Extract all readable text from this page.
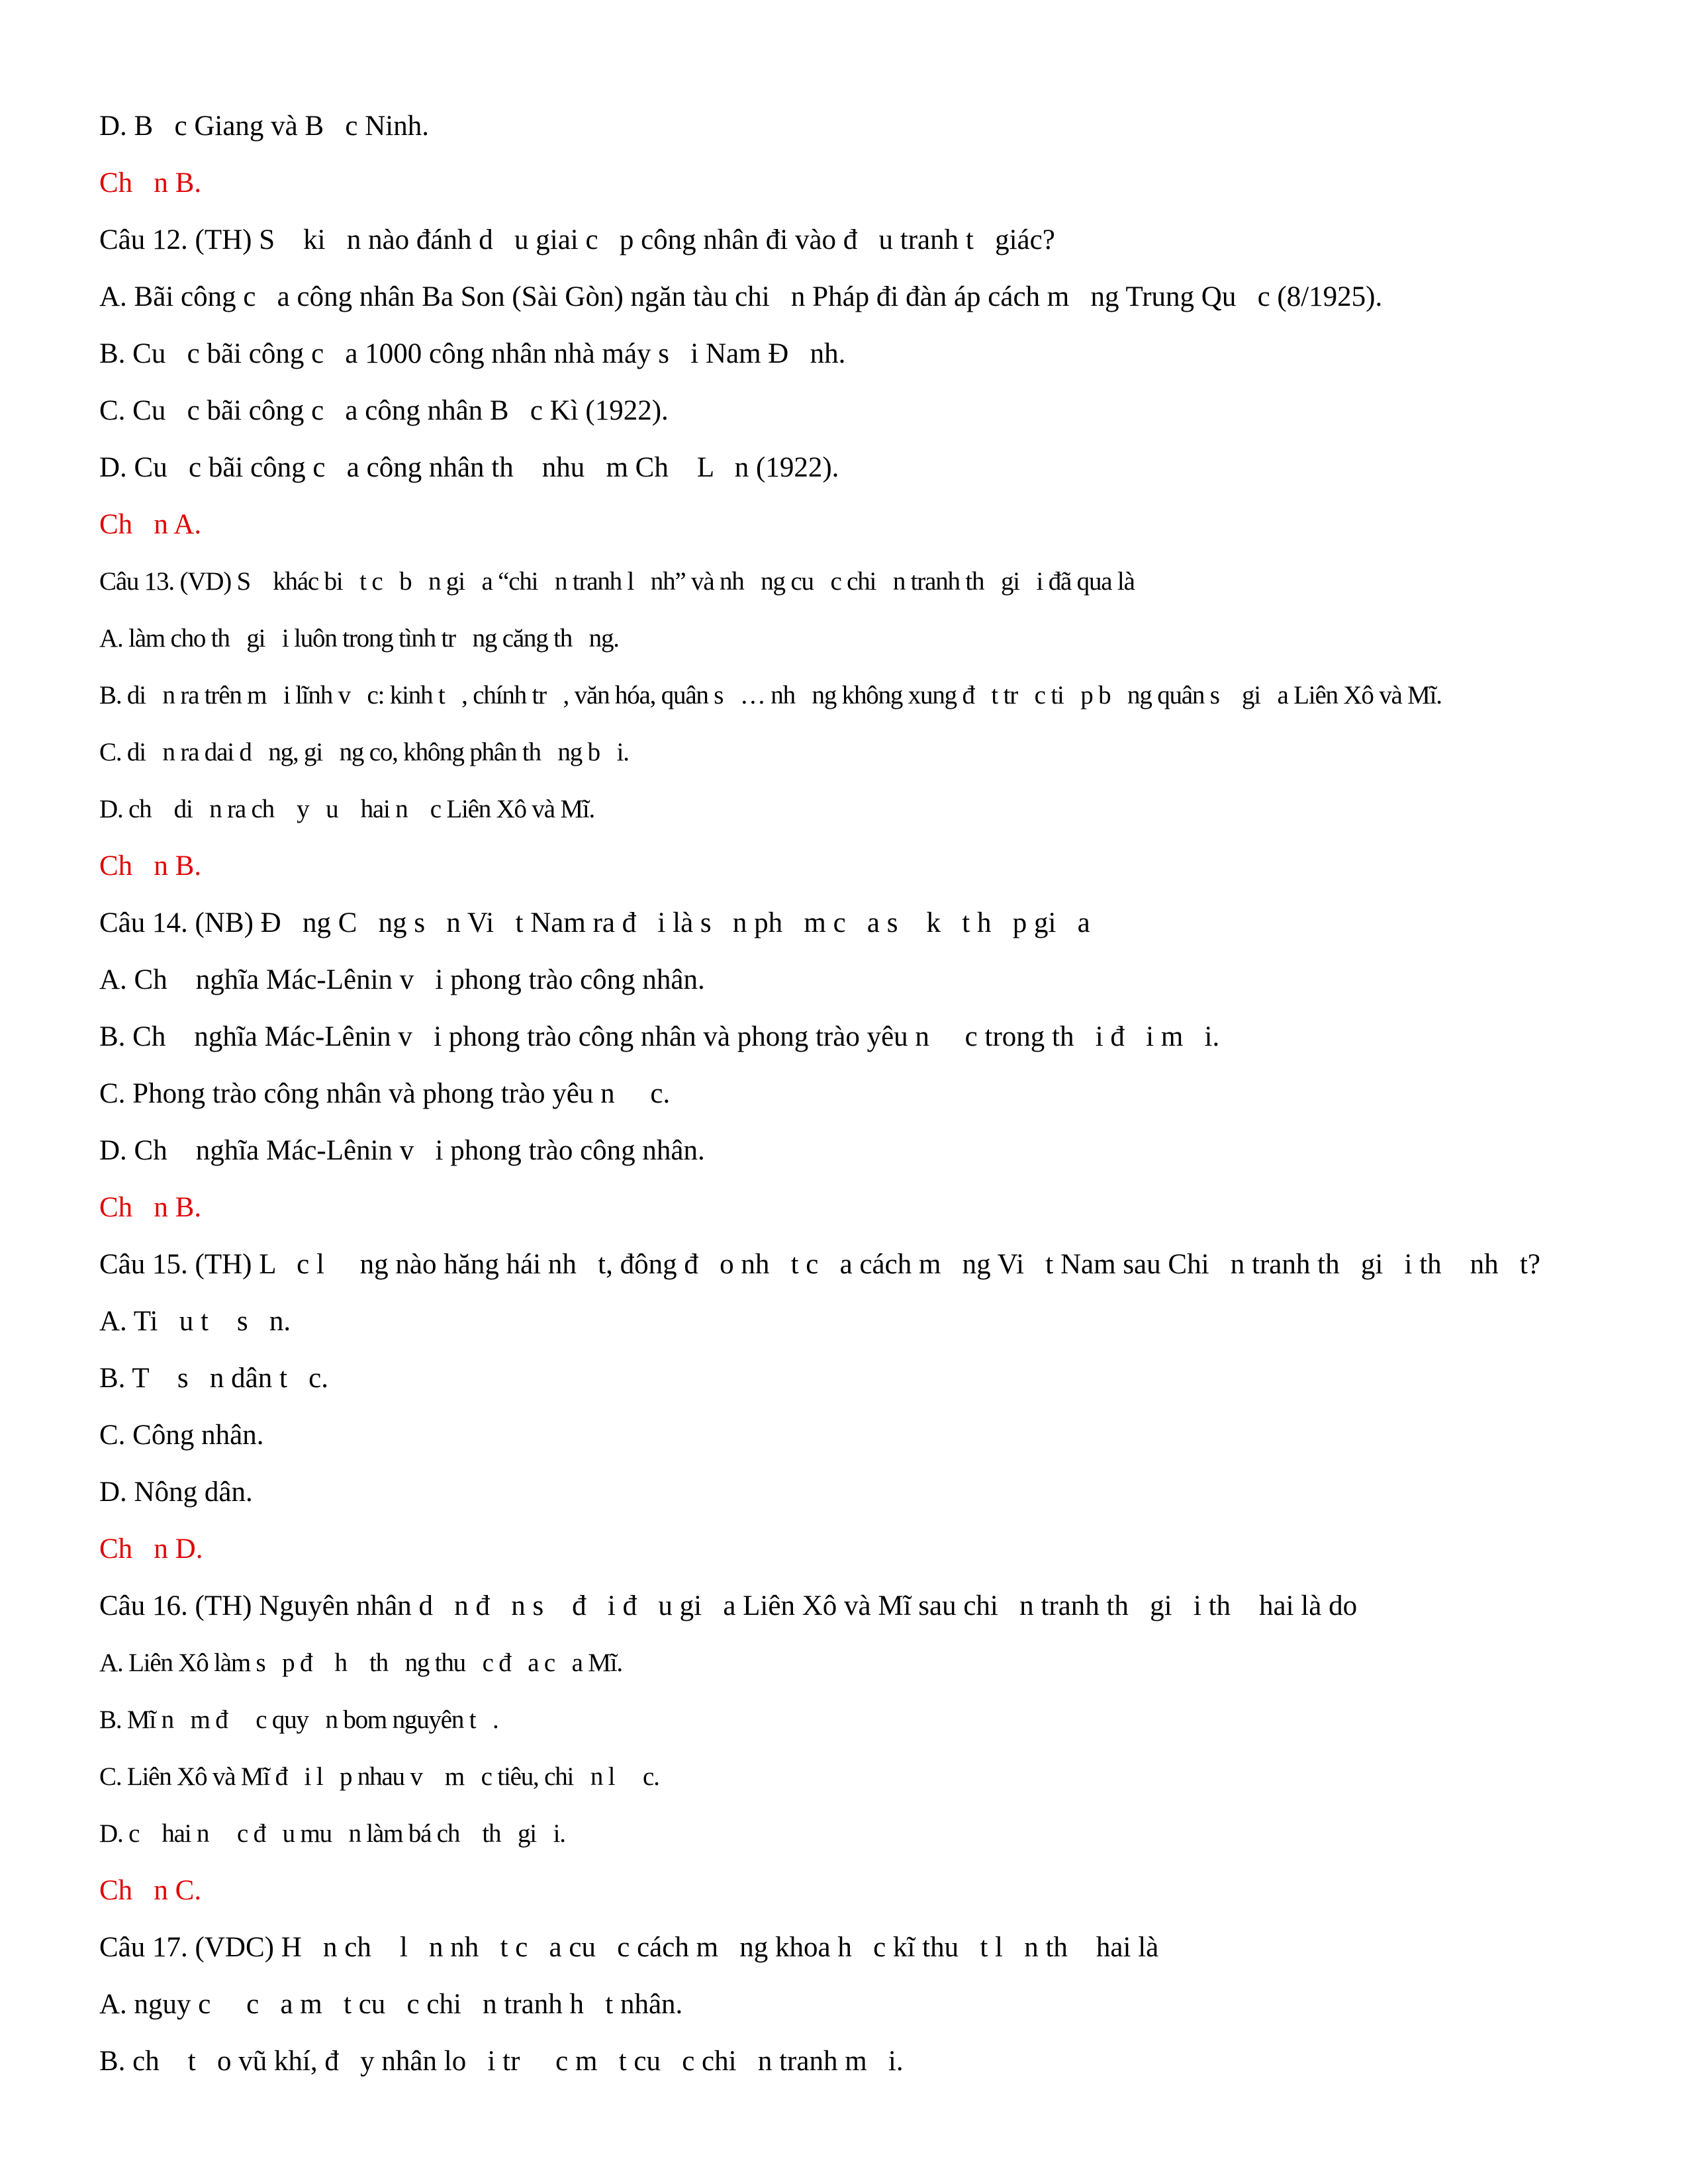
D. B   c Giang và B   c Ninh.
Ch   n B.
Câu 12. (TH) S    ki   n nào đánh d   u giai c   p công nhân đi vào đ   u tranh t   giác?
A. Bãi công c   a công nhân Ba Son (Sài Gòn) ngăn tàu chi   n Pháp đi đàn áp cách m   ng Trung Qu   c (8/1925).
B. Cu   c bãi công c   a 1000 công nhân nhà máy s   i Nam Đ   nh.
C. Cu   c bãi công c   a công nhân B   c Kì (1922).
D. Cu   c bãi công c   a công nhân th    nhu   m Ch    L   n (1922).
Ch   n A.
Câu 13. (VD) S    khác bi   t c   b   n gi   a “chi   n tranh l   nh” và nh   ng cu   c chi   n tranh th   gi   i đã qua là
A. làm cho th   gi   i luôn trong tình tr   ng căng th   ng.
B. di   n ra trên m   i lĩnh v   c: kinh t   , chính tr   , văn hóa, quân s   … nh   ng không xung đ   t tr   c ti   p b   ng quân s    gi   a Liên Xô và Mĩ.
C. di   n ra dai d   ng, gi   ng co, không phân th   ng b   i.
D. ch    di   n ra ch    y   u    hai n    c Liên Xô và Mĩ.
Ch   n B.
Câu 14. (NB) Đ   ng C   ng s   n Vi   t Nam ra đ   i là s   n ph   m c   a s    k   t h   p gi   a
A. Ch    nghĩa Mác-Lênin v   i phong trào công nhân.
B. Ch    nghĩa Mác-Lênin v   i phong trào công nhân và phong trào yêu n     c trong th   i đ   i m   i.
C. Phong trào công nhân và phong trào yêu n     c.
D. Ch    nghĩa Mác-Lênin v   i phong trào công nhân.
Ch   n B.
Câu 15. (TH) L   c l     ng nào hăng hái nh   t, đông đ   o nh   t c   a cách m   ng Vi   t Nam sau Chi   n tranh th   gi   i th    nh   t?
A. Ti   u t    s   n.
B. T    s   n dân t   c.
C. Công nhân.
D. Nông dân.
Ch   n D.
Câu 16. (TH) Nguyên nhân d   n đ   n s    đ   i đ   u gi   a Liên Xô và Mĩ sau chi   n tranh th   gi   i th    hai là do
A. Liên Xô làm s   p đ    h    th   ng thu   c đ   a c   a Mĩ.
B. Mĩ n   m đ     c quy   n bom nguyên t   .
C. Liên Xô và Mĩ đ   i l   p nhau v    m   c tiêu, chi   n l     c.
D. c    hai n     c đ   u mu   n làm bá ch    th   gi   i.
Ch   n C.
Câu 17. (VDC) H   n ch    l   n nh   t c   a cu   c cách m   ng khoa h   c kĩ thu   t l   n th    hai là
A. nguy c     c   a m   t cu   c chi   n tranh h   t nhân.
B. ch    t   o vũ khí, đ   y nhân lo   i tr     c m   t cu   c chi   n tranh m   i.
